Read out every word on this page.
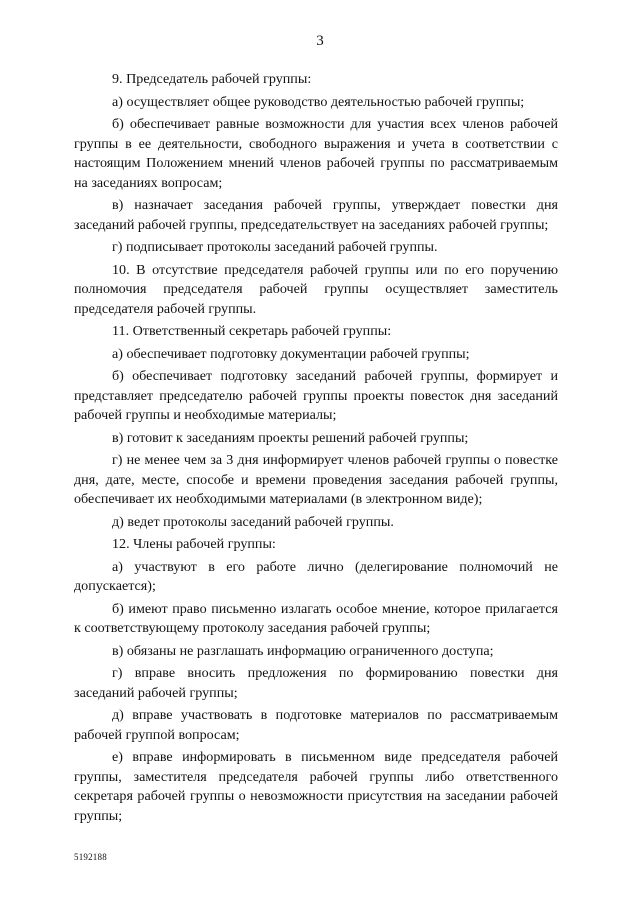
3

9. Председатель рабочей группы:

а) осуществляет общее руководство деятельностью рабочей группы;

б) обеспечивает равные возможности для участия всех членов рабочей группы в ее деятельности, свободного выражения и учета в соответствии с настоящим Положением мнений членов рабочей группы по рассматриваемым на заседаниях вопросам;

в) назначает заседания рабочей группы, утверждает повестки дня заседаний рабочей группы, председательствует на заседаниях рабочей группы;

г) подписывает протоколы заседаний рабочей группы.

10. В отсутствие председателя рабочей группы или по его поручению полномочия председателя рабочей группы осуществляет заместитель председателя рабочей группы.

11. Ответственный секретарь рабочей группы:

а) обеспечивает подготовку документации рабочей группы;

б) обеспечивает подготовку заседаний рабочей группы, формирует и представляет председателю рабочей группы проекты повесток дня заседаний рабочей группы и необходимые материалы;

в) готовит к заседаниям проекты решений рабочей группы;

г) не менее чем за 3 дня информирует членов рабочей группы о повестке дня, дате, месте, способе и времени проведения заседания рабочей группы, обеспечивает их необходимыми материалами (в электронном виде);

д) ведет протоколы заседаний рабочей группы.

12. Члены рабочей группы:

а) участвуют в его работе лично (делегирование полномочий не допускается);

б) имеют право письменно излагать особое мнение, которое прилагается к соответствующему протоколу заседания рабочей группы;

в) обязаны не разглашать информацию ограниченного доступа;

г) вправе вносить предложения по формированию повестки дня заседаний рабочей группы;

д) вправе участвовать в подготовке материалов по рассматриваемым рабочей группой вопросам;

е) вправе информировать в письменном виде председателя рабочей группы, заместителя председателя рабочей группы либо ответственного секретаря рабочей группы о невозможности присутствия на заседании рабочей группы;

5192188
